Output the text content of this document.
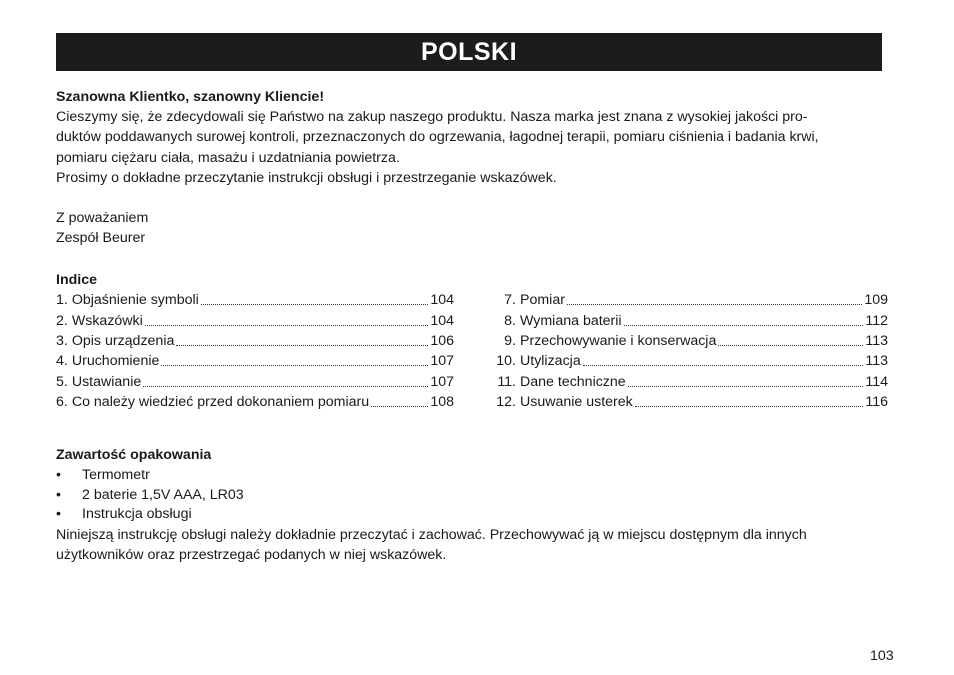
POLSKI
Szanowna Klientko, szanowny Kliencie!
Cieszymy się, że zdecydowali się Państwo na zakup naszego produktu. Nasza marka jest znana z wysokiej jakości pro-
duktów poddawanych surowej kontroli, przeznaczonych do ogrzewania, łagodnej terapii, pomiaru ciśnienia i badania krwi,
pomiaru ciężaru ciała, masażu i uzdatniania powietrza.
Prosimy o dokładne przeczytanie instrukcji obsługi i przestrzeganie wskazówek.
Z poważaniem
Zespół Beurer
Indice
1. Objaśnienie symboli	104
2. Wskazówki	104
3. Opis urządzenia	106
4. Uruchomienie	107
5. Ustawianie	107
6. Co należy wiedzieć przed dokonaniem pomiaru	108
7. Pomiar	109
8. Wymiana baterii	112
9. Przechowywanie i konserwacja	113
10. Utylizacja	113
11. Dane techniczne	114
12. Usuwanie usterek	116
Zawartość opakowania
• Termometr
• 2 baterie 1,5V AAA, LR03
• Instrukcja obsługi
Niniejszą instrukcję obsługi należy dokładnie przeczytać i zachować. Przechowywać ją w miejscu dostępnym dla innych
użytkowników oraz przestrzegać podanych w niej wskazówek.
103
